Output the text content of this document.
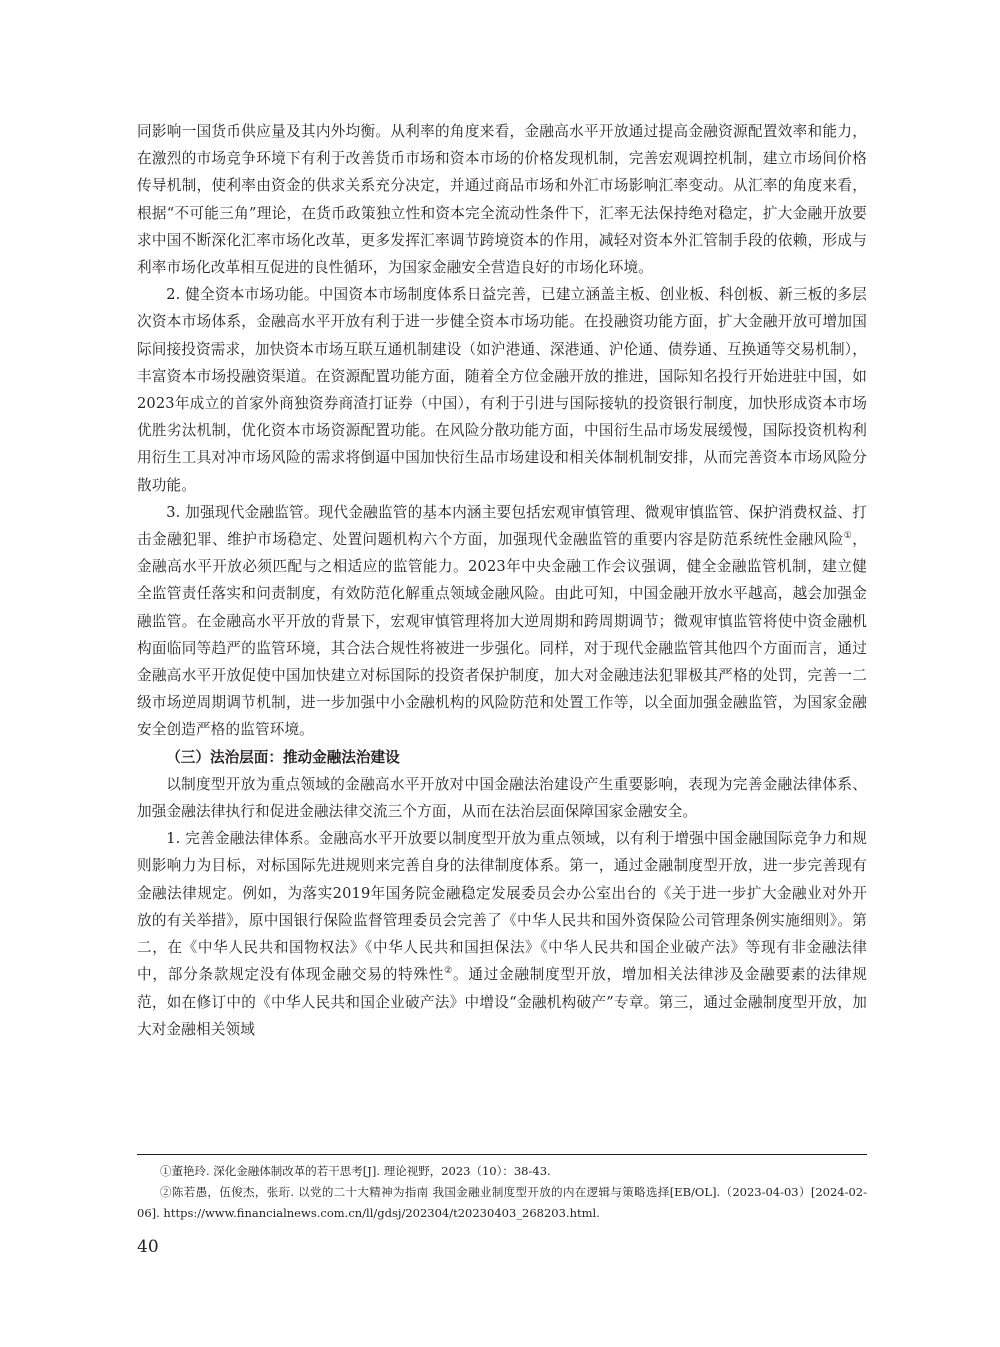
同影响一国货币供应量及其内外均衡。从利率的角度来看，金融高水平开放通过提高金融资源配置效率和能力，在激烈的市场竞争环境下有利于改善货币市场和资本市场的价格发现机制，完善宏观调控机制，建立市场间价格传导机制，使利率由资金的供求关系充分决定，并通过商品市场和外汇市场影响汇率变动。从汇率的角度来看，根据“不可能三角”理论，在货币政策独立性和资本完全流动性条件下，汇率无法保持绝对稳定，扩大金融开放要求中国不断深化汇率市场化改革，更多发挥汇率调节跨境资本的作用，减轻对资本外汇管制手段的依赖，形成与利率市场化改革相互促进的良性循环，为国家金融安全营造良好的市场化环境。

2. 健全资本市场功能。中国资本市场制度体系日益完善，已建立涵盖主板、创业板、科创板、新三板的多层次资本市场体系，金融高水平开放有利于进一步健全资本市场功能。在投融资功能方面，扩大金融开放可增加国际间接投资需求，加快资本市场互联互通机制建设（如沪港通、深港通、沪伦通、债券通、互换通等交易机制），丰富资本市场投融资渠道。在资源配置功能方面，随着全方位金融开放的推进，国际知名投行开始进驻中国，如2023年成立的首家外商独资券商渣打证券（中国），有利于引进与国际接轨的投资银行制度，加快形成资本市场优胜劣汰机制，优化资本市场资源配置功能。在风险分散功能方面，中国衍生品市场发展缓慢，国际投资机构利用衍生工具对冲市场风险的需求将倒逼中国加快衍生品市场建设和相关体制机制安排，从而完善资本市场风险分散功能。

3. 加强现代金融监管。现代金融监管的基本内涵主要包括宏观审慎管理、微观审慎监管、保护消费权益、打击金融犯罪、维护市场稳定、处置问题机构六个方面，加强现代金融监管的重要内容是防范系统性金融风险①，金融高水平开放必须匹配与之相适应的监管能力。2023年中央金融工作会议强调，健全金融监管机制，建立健全监管责任落实和问责制度，有效防范化解重点领域金融风险。由此可知，中国金融开放水平越高，越会加强金融监管。在金融高水平开放的背景下，宏观审慎管理将加大逆周期和跨周期调节；微观审慎监管将使中资金融机构面临同等趋严的监管环境，其合法合规性将被进一步强化。同样，对于现代金融监管其他四个方面而言，通过金融高水平开放促使中国加快建立对标国际的投资者保护制度，加大对金融违法犯罪极其严格的处罚，完善一二级市场逆周期调节机制，进一步加强中小金融机构的风险防范和处置工作等，以全面加强金融监管，为国家金融安全创造严格的监管环境。

（三）法治层面：推动金融法治建设

以制度型开放为重点领域的金融高水平开放对中国金融法治建设产生重要影响，表现为完善金融法律体系、加强金融法律执行和促进金融法律交流三个方面，从而在法治层面保障国家金融安全。

1. 完善金融法律体系。金融高水平开放要以制度型开放为重点领域，以有利于增强中国金融国际竞争力和规则影响力为目标，对标国际先进规则来完善自身的法律制度体系。第一，通过金融制度型开放，进一步完善现有金融法律规定。例如，为落实2019年国务院金融稳定发展委员会办公室出台的《关于进一步扩大金融业对外开放的有关举措》，原中国银行保险监督管理委员会完善了《中华人民共和国外资保险公司管理条例实施细则》。第二，在《中华人民共和国物权法》《中华人民共和国担保法》《中华人民共和国企业破产法》等现有非金融法律中，部分条款规定没有体现金融交易的特殊性②。通过金融制度型开放，增加相关法律涉及金融要素的法律规范，如在修订中的《中华人民共和国企业破产法》中增设“金融机构破产”专章。第三，通过金融制度型开放，加大对金融相关领域

①董艳玲. 深化金融体制改革的若干思考[J]. 理论视野，2023（10）：38-43.

②陈若愚，伍俊杰，张珩. 以党的二十大精神为指南 我国金融业制度型开放的内在逻辑与策略选择[EB/OL].（2023-04-03）[2024-02-06]. https://www.financialnews.com.cn/ll/gdsj/202304/t20230403_268203.html.

40
